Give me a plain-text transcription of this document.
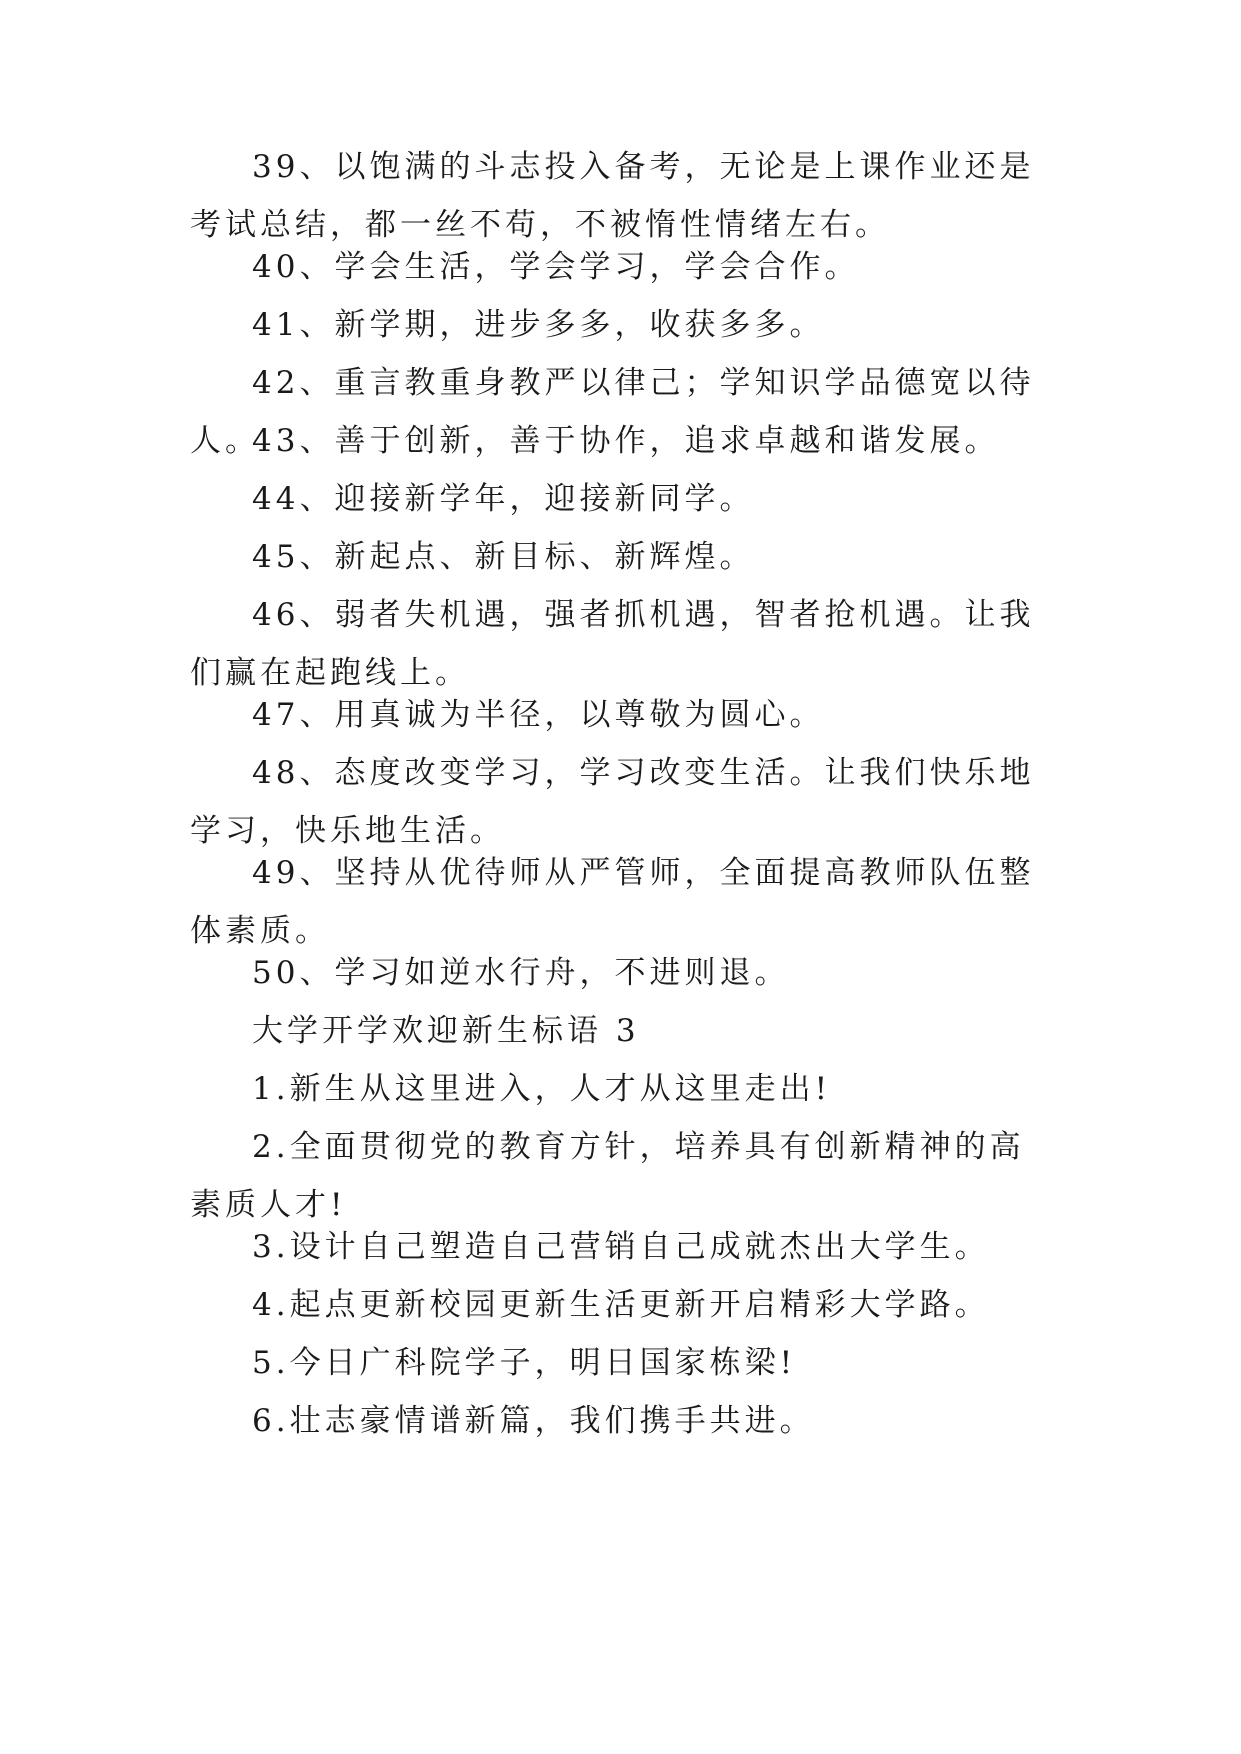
39、以饱满的斗志投入备考，无论是上课作业还是考试总结，都一丝不苟，不被惰性情绪左右。

40、学会生活，学会学习，学会合作。

41、新学期，进步多多，收获多多。

42、重言教重身教严以律己；学知识学品德宽以待人。

43、善于创新，善于协作，追求卓越和谐发展。

44、迎接新学年，迎接新同学。

45、新起点、新目标、新辉煌。

46、弱者失机遇，强者抓机遇，智者抢机遇。让我们赢在起跑线上。

47、用真诚为半径，以尊敬为圆心。

48、态度改变学习，学习改变生活。让我们快乐地学习，快乐地生活。

49、坚持从优待师从严管师，全面提高教师队伍整体素质。

50、学习如逆水行舟，不进则退。

大学开学欢迎新生标语 3

1.新生从这里进入，人才从这里走出!

2.全面贯彻党的教育方针，培养具有创新精神的高素质人才!

3.设计自己塑造自己营销自己成就杰出大学生。

4.起点更新校园更新生活更新开启精彩大学路。

5.今日广科院学子，明日国家栋梁!

6.壮志豪情谱新篇，我们携手共进。
